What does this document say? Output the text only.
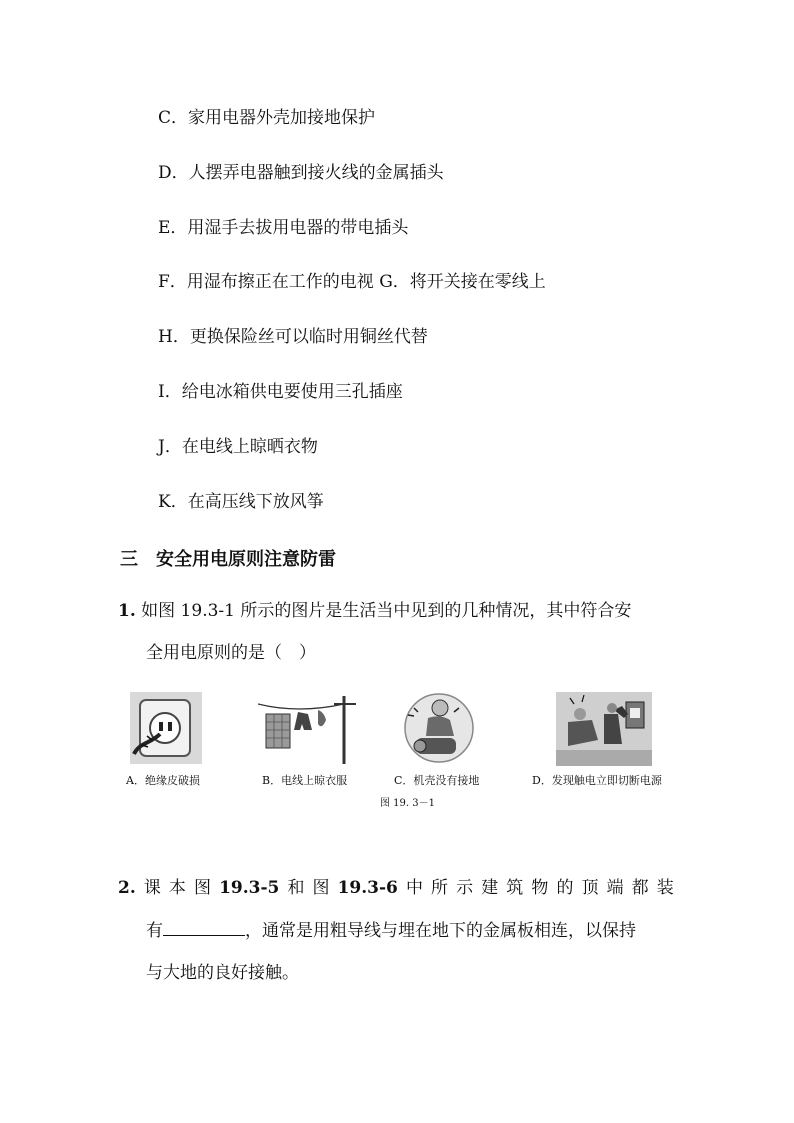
C．家用电器外壳加接地保护
D．人摆弄电器触到接火线的金属插头
E．用湿手去拔用电器的带电插头
F．用湿布擦正在工作的电视 G．将开关接在零线上
H．更换保险丝可以临时用铜丝代替
I．给电冰箱供电要使用三孔插座
J．在电线上晾晒衣物
K．在高压线下放风筝
三　安全用电原则注意防雷
1. 如图 19.3-1 所示的图片是生活当中见到的几种情况，其中符合安
全用电原则的是（　）
A．绝缘皮破损	B．电线上晾衣服	C．机壳没有接地	D．发现触电立即切断电源
图 19. 3－1
2. 课 本 图 19.3-5 和 图 19.3-6 中 所 示 建 筑 物 的 顶 端 都 装
有	，通常是用粗导线与埋在地下的金属板相连，以保持
与大地的良好接触。
